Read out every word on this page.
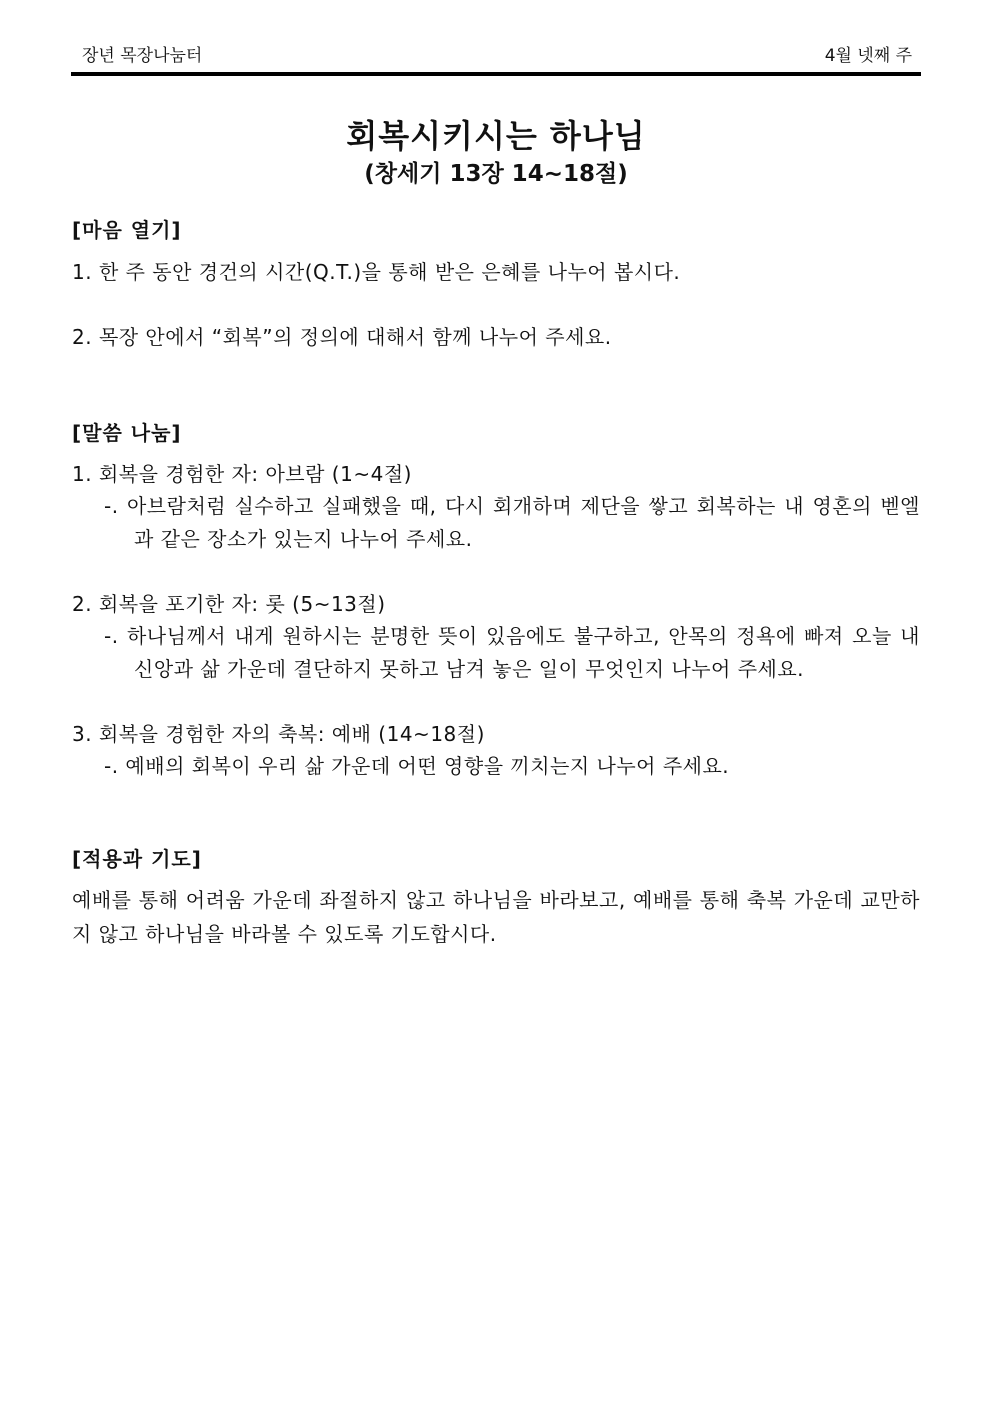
장년 목장나눔터	4월 넷째 주
회복시키시는 하나님
(창세기 13장 14~18절)
[마음 열기]
1. 한 주 동안 경건의 시간(Q.T.)을 통해 받은 은혜를 나누어 봅시다.
2. 목장 안에서 “회복”의 정의에 대해서 함께 나누어 주세요.
[말씀 나눔]
1. 회복을 경험한 자: 아브람 (1~4절)
-. 아브람처럼 실수하고 실패했을 때, 다시 회개하며 제단을 쌓고 회복하는 내 영혼의 벧엘과 같은 장소가 있는지 나누어 주세요.
2. 회복을 포기한 자: 롯 (5~13절)
-. 하나님께서 내게 원하시는 분명한 뜻이 있음에도 불구하고, 안목의 정욕에 빠져 오늘 내 신앙과 삶 가운데 결단하지 못하고 남겨 놓은 일이 무엇인지 나누어 주세요.
3. 회복을 경험한 자의 축복: 예배 (14~18절)
-. 예배의 회복이 우리 삶 가운데 어떤 영향을 끼치는지 나누어 주세요.
[적용과 기도]
예배를 통해 어려움 가운데 좌절하지 않고 하나님을 바라보고, 예배를 통해 축복 가운데 교만하지 않고 하나님을 바라볼 수 있도록 기도합시다.
